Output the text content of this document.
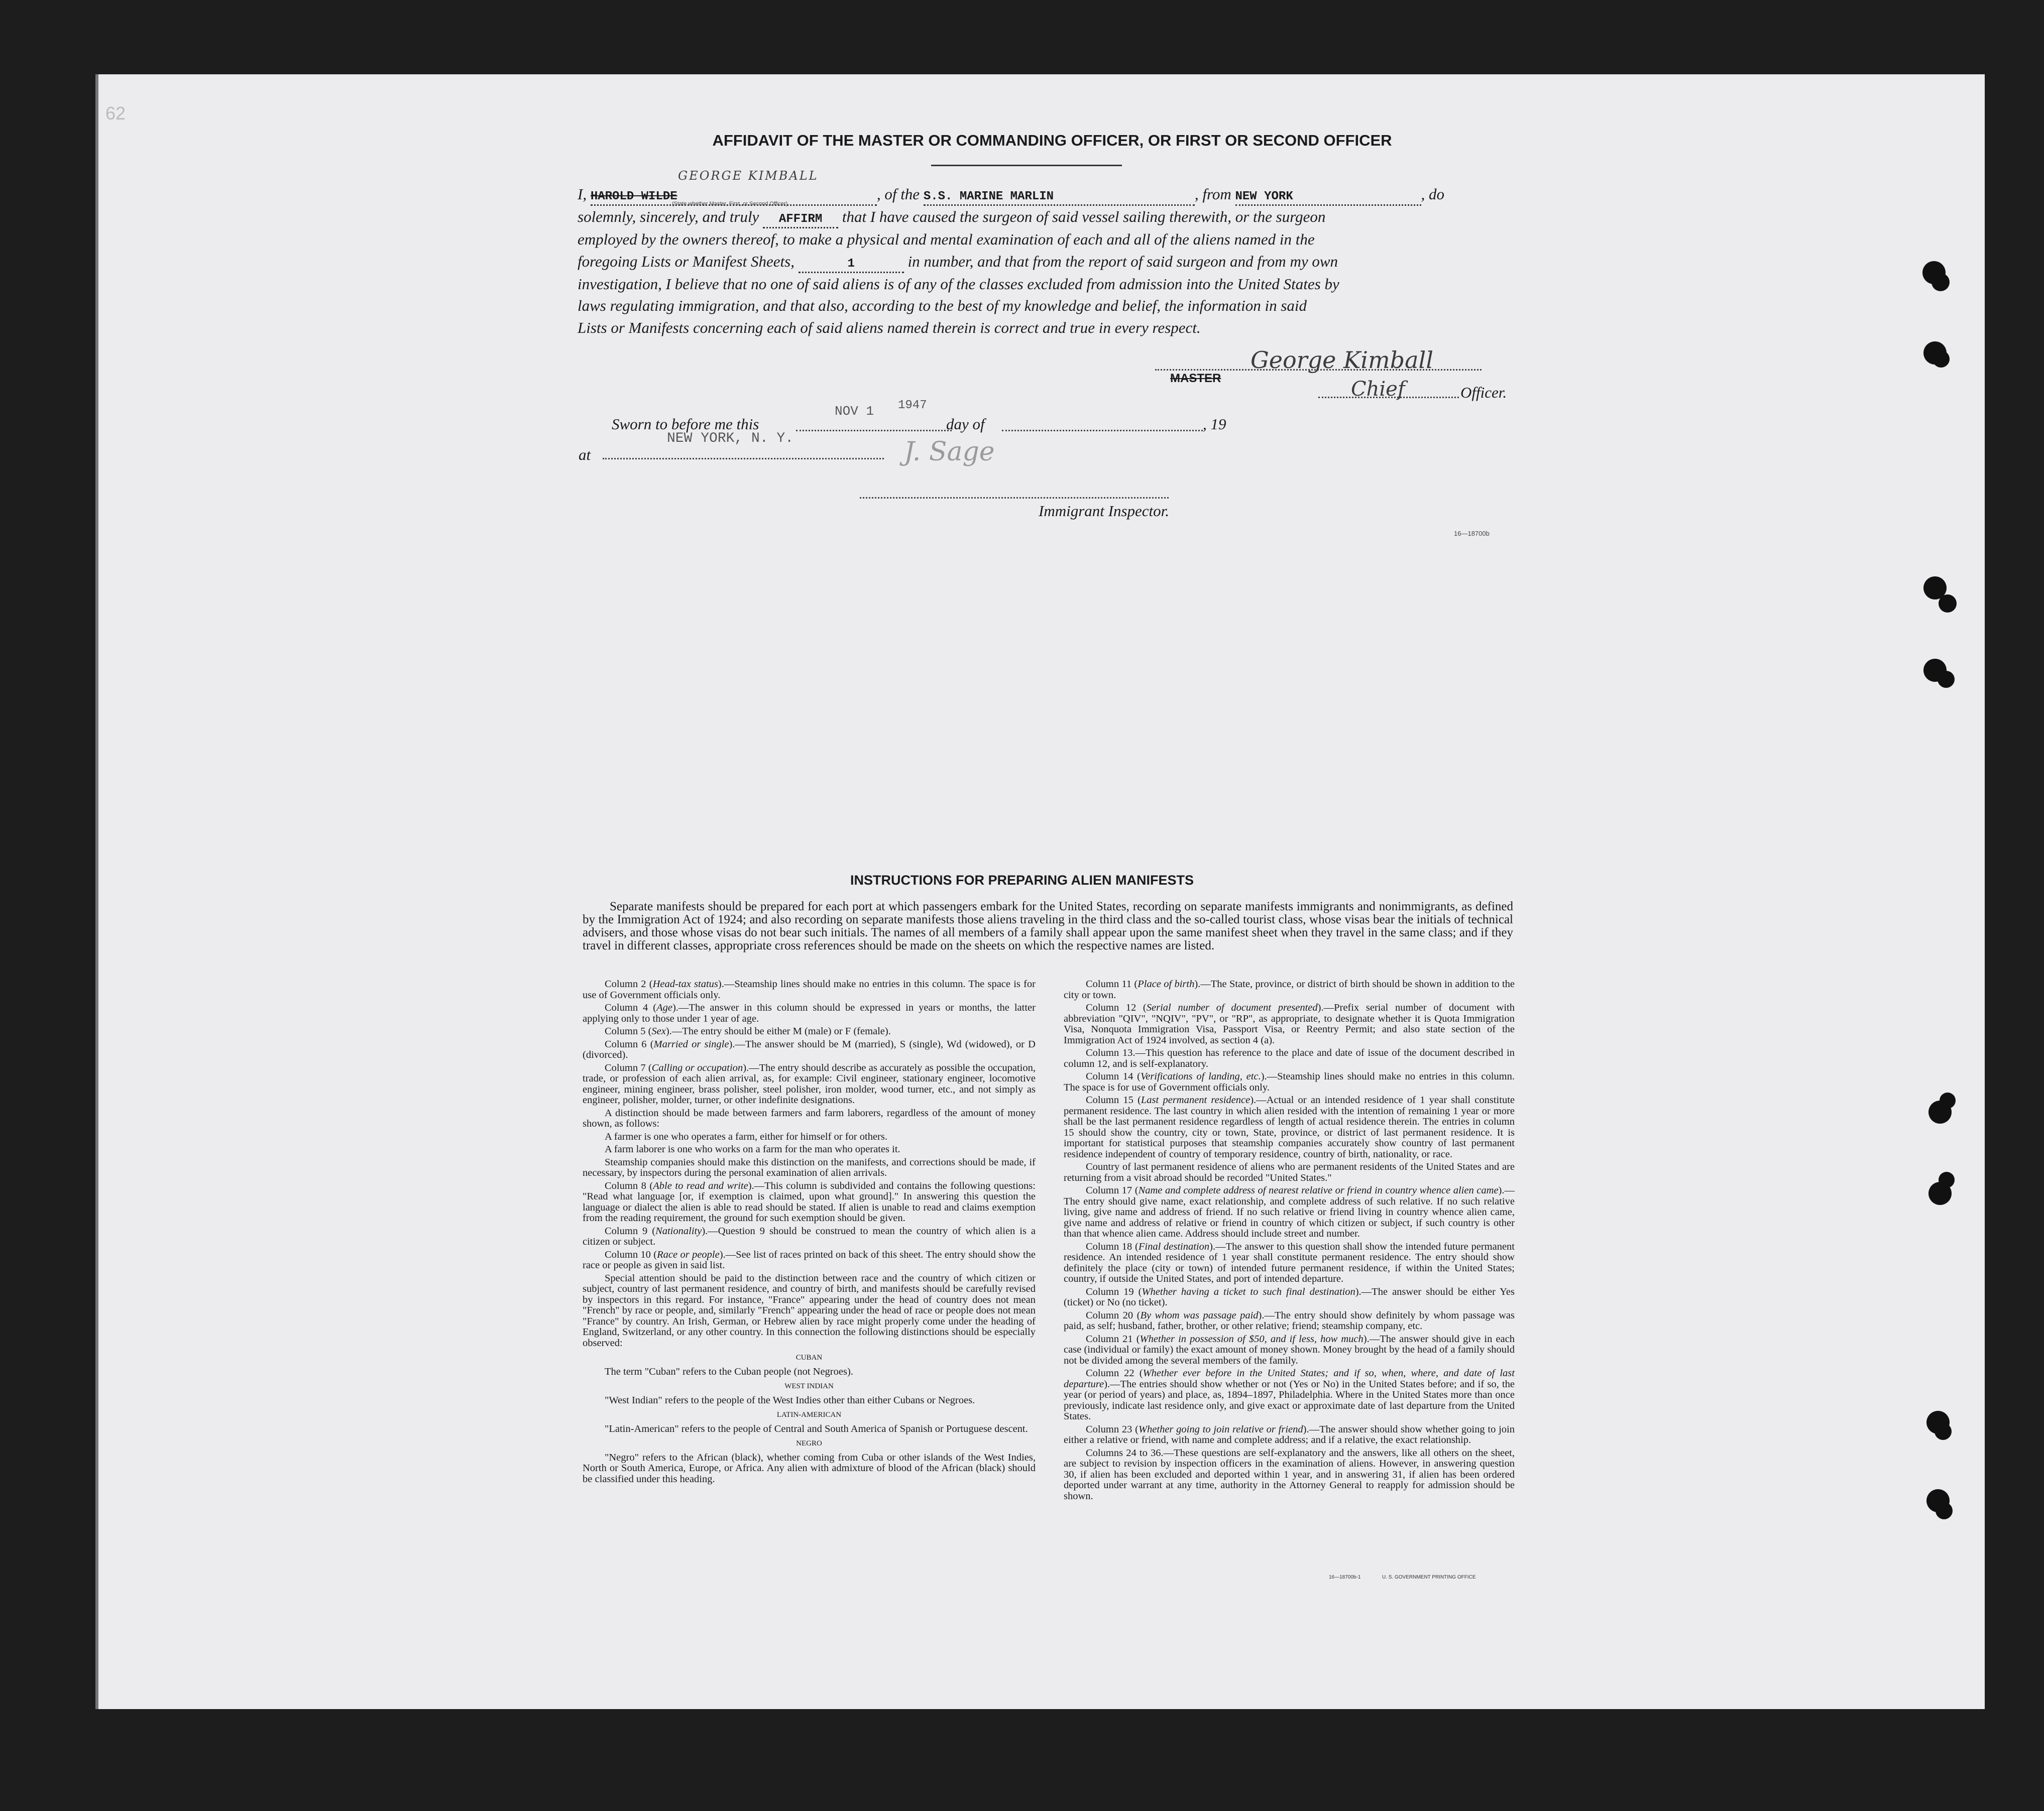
62
AFFIDAVIT OF THE MASTER OR COMMANDING OFFICER, OR FIRST OR SECOND OFFICER
GEORGE KIMBALL

I, HAROLD WILDE	, of the S.S. MARINE MARLIN	, from NEW YORK	, do

solemnly, sincerely, and truly AFFIRM that I have caused the surgeon of said vessel sailing therewith, or the surgeon

employed by the owners thereof, to make a physical and mental examination of each and all of the aliens named in the

foregoing Lists or Manifest Sheets,	1	in number, and that from the report of said surgeon and from my own

investigation, I believe that no one of said aliens is of any of the classes excluded from admission into the United States by

laws regulating immigration, and that also, according to the best of my knowledge and belief, the information in said

Lists or Manifests concerning each of said aliens named therein is correct and true in every respect.

(State whether Master, First, or Second Officer)
George Kimball
MASTER	Chief	Officer.
NOV 1 1947
Sworn to before me this	day of	, 19
at
NEW YORK, N. Y.	J. Sage
Immigrant Inspector.
16—18700b
INSTRUCTIONS FOR PREPARING ALIEN MANIFESTS

Separate manifests should be prepared for each port at which passengers embark for the United States, recording on separate manifests immigrants and nonimmigrants, as defined by the Immigration Act of 1924; and also recording on separate manifests those aliens traveling in the third class and the so-called tourist class, whose visas bear the initials of technical advisers, and those whose visas do not bear such initials. The names of all members of a family shall appear upon the same manifest sheet when they travel in the same class; and if they travel in different classes, appropriate cross references should be made on the sheets on which the respective names are listed.

Column 2 (Head-tax status).—Steamship lines should make no entries in this column. The space is for use of Government officials only.

Column 4 (Age).—The answer in this column should be expressed in years or months, the latter applying only to those under 1 year of age.

Column 5 (Sex).—The entry should be either M (male) or F (female).

Column 6 (Married or single).—The answer should be M (married), S (single), Wd (widowed), or D (divorced).

Column 7 (Calling or occupation).—The entry should describe as accurately as possible the occupation, trade, or profession of each alien arrival, as, for example: Civil engineer, stationary engineer, locomotive engineer, mining engineer, brass polisher, steel polisher, iron molder, wood turner, etc., and not simply as engineer, polisher, molder, turner, or other indefinite designations.

A distinction should be made between farmers and farm laborers, regardless of the amount of money shown, as follows:

A farmer is one who operates a farm, either for himself or for others.

A farm laborer is one who works on a farm for the man who operates it.

Steamship companies should make this distinction on the manifests, and corrections should be made, if necessary, by inspectors during the personal examination of alien arrivals.

Column 8 (Able to read and write).—This column is subdivided and contains the following questions: "Read what language [or, if exemption is claimed, upon what ground]." In answering this question the language or dialect the alien is able to read should be stated. If alien is unable to read and claims exemption from the reading requirement, the ground for such exemption should be given.

Column 9 (Nationality).—Question 9 should be construed to mean the country of which alien is a citizen or subject.

Column 10 (Race or people).—See list of races printed on back of this sheet. The entry should show the race or people as given in said list.

Special attention should be paid to the distinction between race and the country of which citizen or subject, country of last permanent residence, and country of birth, and manifests should be carefully revised by inspectors in this regard. For instance, "France" appearing under the head of country does not mean "French" by race or people, and, similarly "French" appearing under the head of race or people does not mean "France" by country. An Irish, German, or Hebrew alien by race might properly come under the heading of England, Switzerland, or any other country. In this connection the following distinctions should be especially observed:

CUBAN

The term "Cuban" refers to the Cuban people (not Negroes).

WEST INDIAN

"West Indian" refers to the people of the West Indies other than either Cubans or Negroes.

LATIN-AMERICAN

"Latin-American" refers to the people of Central and South America of Spanish or Portuguese descent.

NEGRO

"Negro" refers to the African (black), whether coming from Cuba or other islands of the West Indies, North or South America, Europe, or Africa. Any alien with admixture of blood of the African (black) should be classified under this heading.

Column 11 (Place of birth).—The State, province, or district of birth should be shown in addition to the city or town.

Column 12 (Serial number of document presented).—Prefix serial number of document with abbreviation "QIV", "NQIV", "PV", or "RP", as appropriate, to designate whether it is Quota Immigration Visa, Nonquota Immigration Visa, Passport Visa, or Reentry Permit; and also state section of the Immigration Act of 1924 involved, as section 4 (a).

Column 13.—This question has reference to the place and date of issue of the document described in column 12, and is self-explanatory.

Column 14 (Verifications of landing, etc.).—Steamship lines should make no entries in this column. The space is for use of Government officials only.

Column 15 (Last permanent residence).—Actual or an intended residence of 1 year shall constitute permanent residence. The last country in which alien resided with the intention of remaining 1 year or more shall be the last permanent residence regardless of length of actual residence therein. The entries in column 15 should show the country, city or town, State, province, or district of last permanent residence. It is important for statistical purposes that steamship companies accurately show country of last permanent residence independent of country of temporary residence, country of birth, nationality, or race.

Country of last permanent residence of aliens who are permanent residents of the United States and are returning from a visit abroad should be recorded "United States."

Column 17 (Name and complete address of nearest relative or friend in country whence alien came).—The entry should give name, exact relationship, and complete address of such relative. If no such relative living, give name and address of friend. If no such relative or friend living in country whence alien came, give name and address of relative or friend in country of which citizen or subject, if such country is other than that whence alien came. Address should include street and number.

Column 18 (Final destination).—The answer to this question shall show the intended future permanent residence. An intended residence of 1 year shall constitute permanent residence. The entry should show definitely the place (city or town) of intended future permanent residence, if within the United States; country, if outside the United States, and port of intended departure.

Column 19 (Whether having a ticket to such final destination).—The answer should be either Yes (ticket) or No (no ticket).

Column 20 (By whom was passage paid).—The entry should show definitely by whom passage was paid, as self; husband, father, brother, or other relative; friend; steamship company, etc.

Column 21 (Whether in possession of $50, and if less, how much).—The answer should give in each case (individual or family) the exact amount of money shown. Money brought by the head of a family should not be divided among the several members of the family.

Column 22 (Whether ever before in the United States; and if so, when, where, and date of last departure).—The entries should show whether or not (Yes or No) in the United States before; and if so, the year (or period of years) and place, as, 1894–1897, Philadelphia. Where in the United States more than once previously, indicate last residence only, and give exact or approximate date of last departure from the United States.

Column 23 (Whether going to join relative or friend).—The answer should show whether going to join either a relative or friend, with name and complete address; and if a relative, the exact relationship.

Columns 24 to 36.—These questions are self-explanatory and the answers, like all others on the sheet, are subject to revision by inspection officers in the examination of aliens. However, in answering question 30, if alien has been excluded and deported within 1 year, and in answering 31, if alien has been ordered deported under warrant at any time, authority in the Attorney General to reapply for admission should be shown.

16—18700b-1	U. S. GOVERNMENT PRINTING OFFICE
